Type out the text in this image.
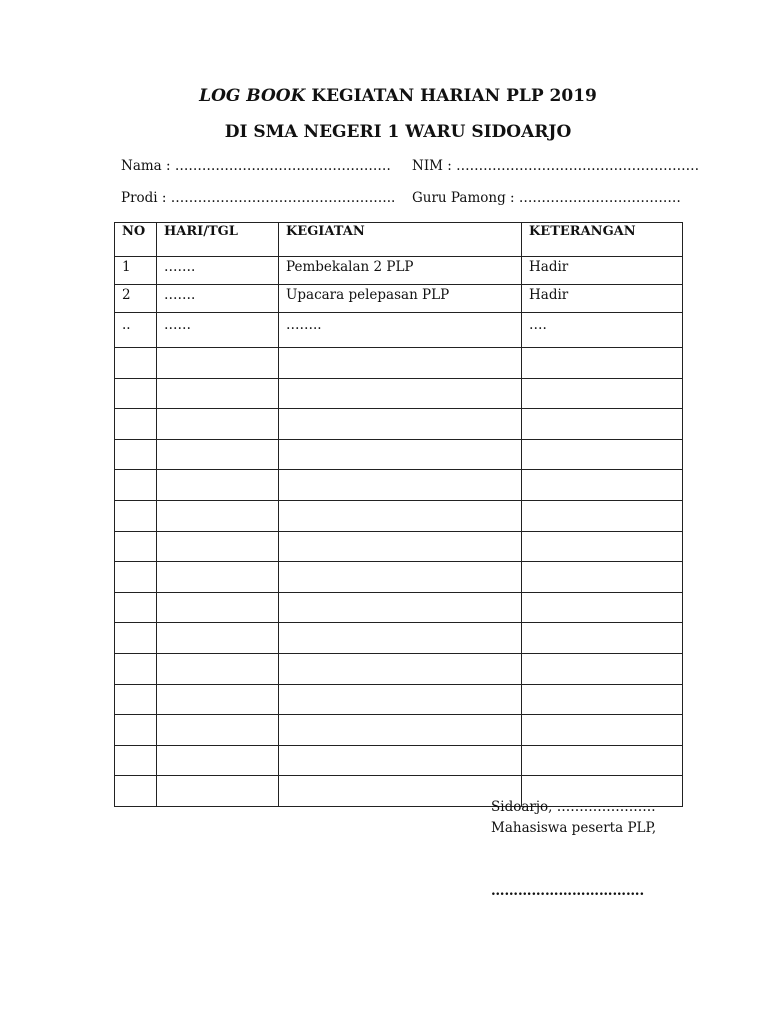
LOG BOOK KEGIATAN HARIAN PLP 2019
DI SMA NEGERI 1 WARU SIDOARJO
Nama : ………………………………………… NIM : ………………………………………………
Prodi : ………………………………………….. Guru Pamong : ………………………………
NO	HARI/TGL	KEGIATAN	KETERANGAN
1	…….	Pembekalan 2 PLP	Hadir
2	…….	Upacara pelepasan PLP	Hadir
..	……	……..	….

Sidoarjo, ………………….
Mahasiswa peserta PLP,
…………………………….
